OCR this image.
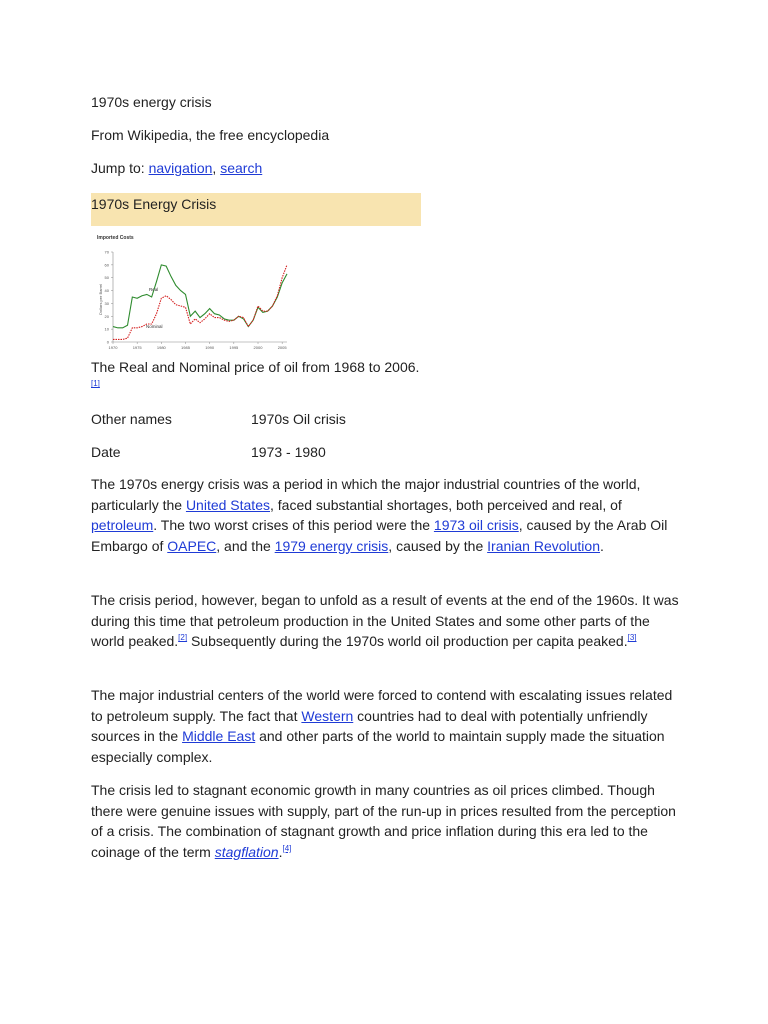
1970s energy crisis

From Wikipedia, the free encyclopedia

Jump to: navigation, search

1970s Energy Crisis
Imported Costs
Dollars per Barrel
0
10
20
30
40
50
60
70
1970	1975	1980	1985	1990	1995	2000	2005
Real
Nominal

The Real and Nominal price of oil from 1968 to 2006.[1]

Other names	1970s Oil crisis
Date	1973 - 1980

The 1970s energy crisis was a period in which the major industrial countries of the world, particularly the United States, faced substantial shortages, both perceived and real, of petroleum. The two worst crises of this period were the 1973 oil crisis, caused by the Arab Oil Embargo of OAPEC, and the 1979 energy crisis, caused by the Iranian Revolution.

The crisis period, however, began to unfold as a result of events at the end of the 1960s. It was during this time that petroleum production in the United States and some other parts of the world peaked.[2] Subsequently during the 1970s world oil production per capita peaked.[3]

The major industrial centers of the world were forced to contend with escalating issues related to petroleum supply. The fact that Western countries had to deal with potentially unfriendly sources in the Middle East and other parts of the world to maintain supply made the situation especially complex.

The crisis led to stagnant economic growth in many countries as oil prices climbed. Though there were genuine issues with supply, part of the run-up in prices resulted from the perception of a crisis. The combination of stagnant growth and price inflation during this era led to the coinage of the term stagflation.[4]
